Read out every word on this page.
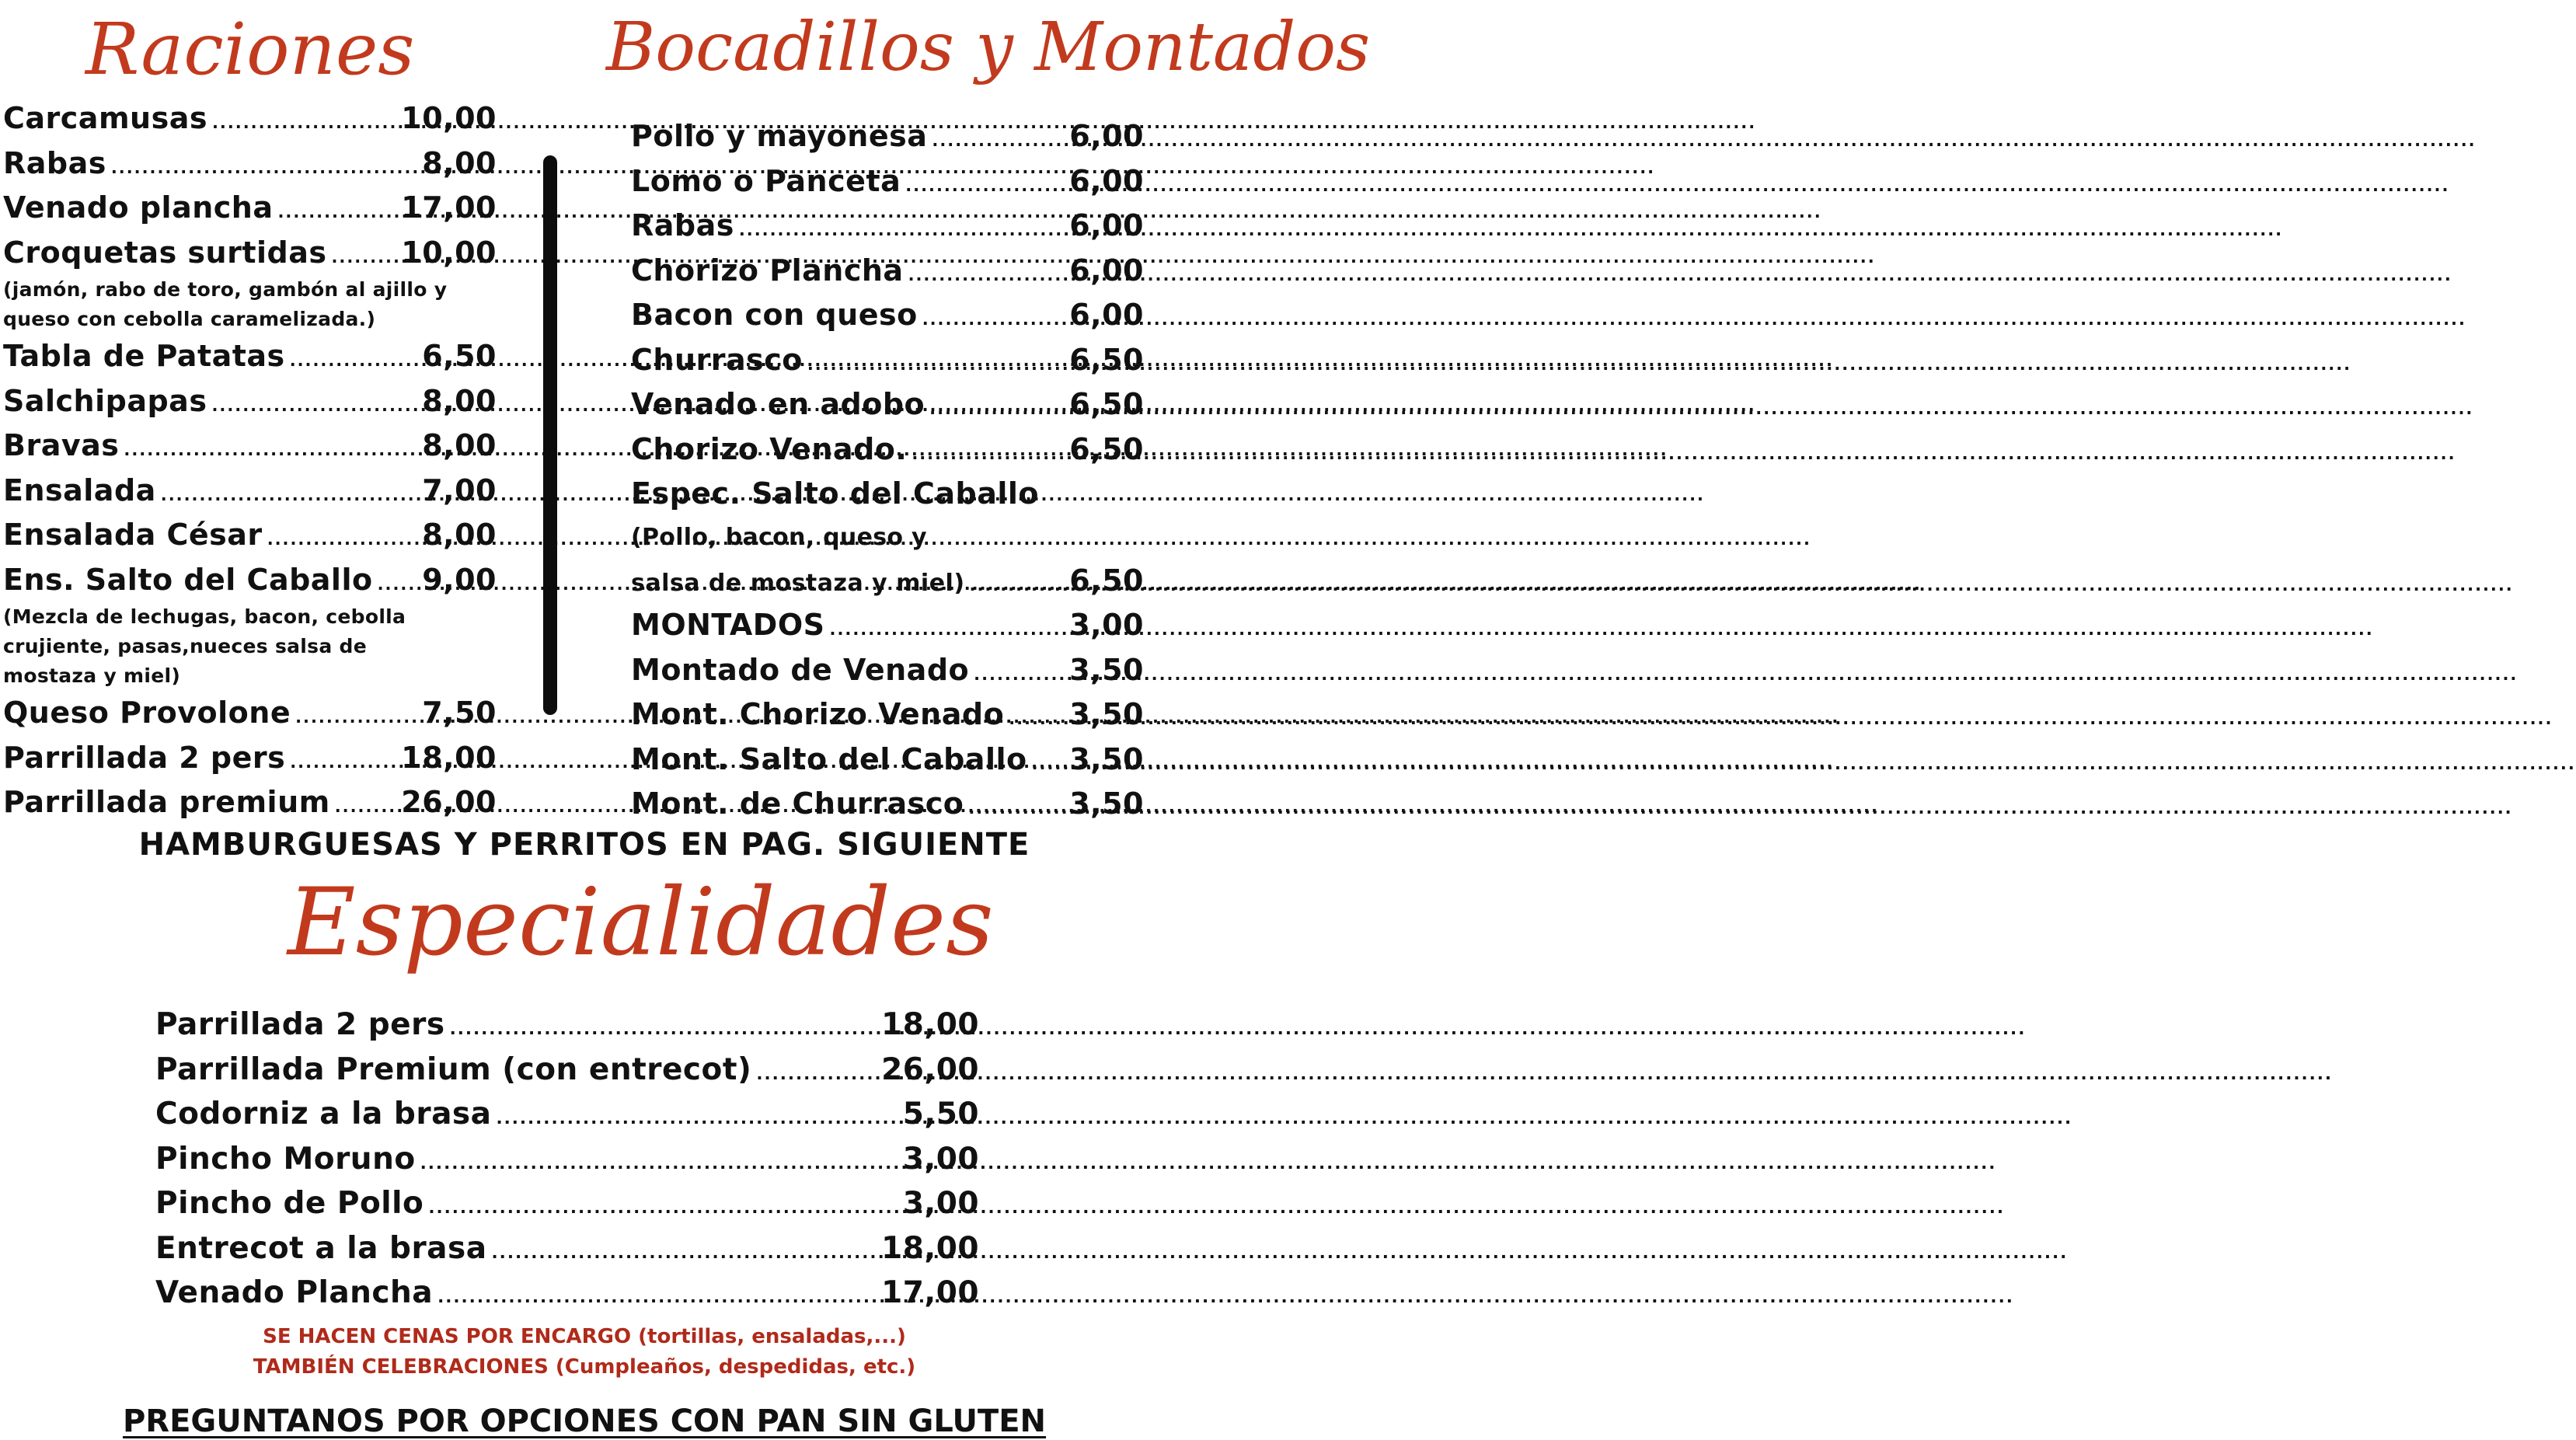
Raciones	Bocadillos y Montados
Carcamusas .....	10,00
Rabas .....	8,00
Venado plancha .....	17,00
Croquetas surtidas .....	10,00
(jamón, rabo de toro, gambón al ajillo y
queso con cebolla caramelizada.)
Tabla de Patatas .....	6,50
Salchipapas .....	8,00
Bravas .....	8,00
Ensalada .....	7,00
Ensalada César .....	8,00
Ens. Salto del Caballo ..... 9,00
(Mezcla de lechugas, bacon, cebolla
crujiente, pasas,nueces salsa de
mostaza y miel)
Queso Provolone .....	7,50
Parrillada 2 pers .....	18,00
Parrillada premium ..... 26,00
Pollo y mayonesa .....	6,00
Lomo o Panceta .....	6,00
Rabas .....	6,00
Chorizo Plancha .....	6,00
Bacon con queso .....	6,00
Churrasco .....	6,50
Venado en adobo .....	6,50
Chorizo Venado. .....	6,50
Espec. Salto del Caballo
(Pollo, bacon, queso y
salsa de mostaza y miel) .....	6,50
MONTADOS .....	3,00
Montado de Venado .....	3,50
Mont. Chorizo Venado ..... 3,50
Mont. Salto del Caballo ..... 3,50
Mont. de Churrasco .....	3,50
HAMBURGUESAS Y PERRITOS EN PAG. SIGUIENTE
Especialidades
Parrillada 2 pers .....	18,00
Parrillada Premium (con entrecot) .....	26,00
Codorniz a la brasa .....	5,50
Pincho Moruno .....	3,00
Pincho de Pollo .....	3,00
Entrecot a la brasa .....	18,00
Venado Plancha .....	17,00
SE HACEN CENAS POR ENCARGO (tortillas, ensaladas,...)
TAMBIÉN CELEBRACIONES (Cumpleaños, despedidas, etc.)
PREGUNTANOS POR OPCIONES CON PAN SIN GLUTEN
